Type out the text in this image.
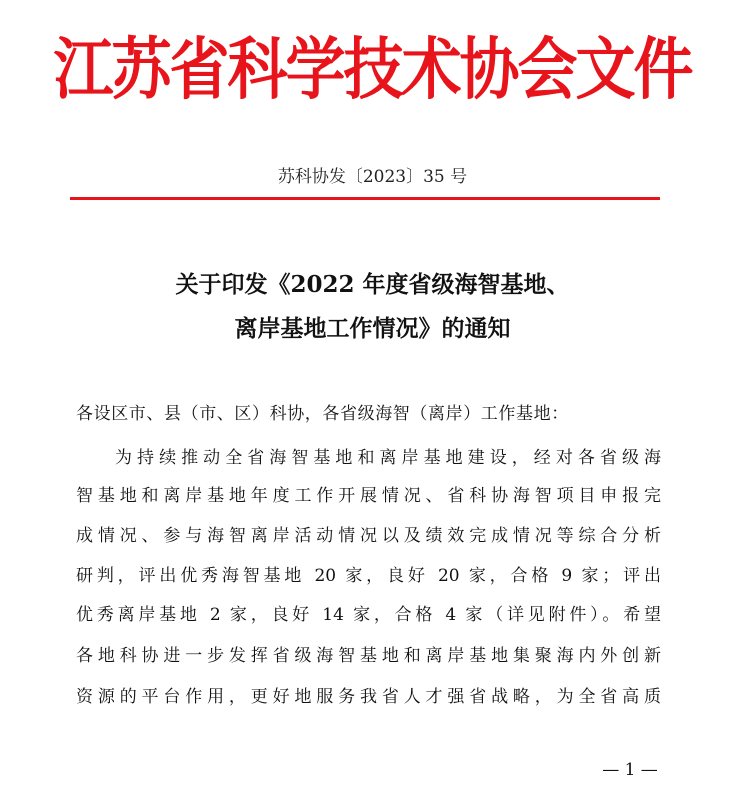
江苏省科学技术协会文件
苏科协发〔2023〕35 号
关于印发《2022 年度省级海智基地、
离岸基地工作情况》的通知
各设区市、县（市、区）科协，各省级海智（离岸）工作基地：
为持续推动全省海智基地和离岸基地建设，经对各省级海
智基地和离岸基地年度工作开展情况、省科协海智项目申报完
成情况、参与海智离岸活动情况以及绩效完成情况等综合分析
研判，评出优秀海智基地 20 家，良好 20 家，合格 9 家；评出
优秀离岸基地 2 家，良好 14 家，合格 4 家（详见附件）。希望
各地科协进一步发挥省级海智基地和离岸基地集聚海内外创新
资源的平台作用，更好地服务我省人才强省战略，为全省高质
— 1 —
